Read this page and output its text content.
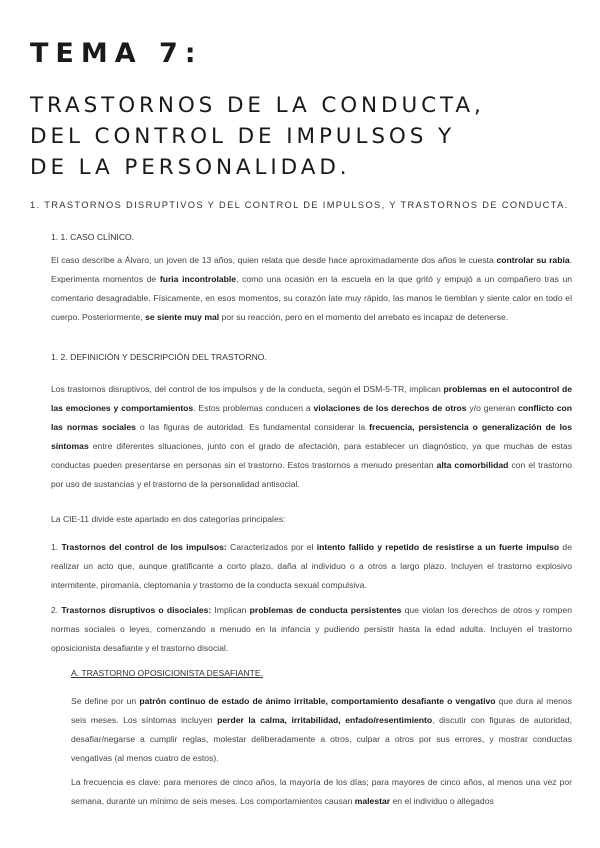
TEMA 7:
TRASTORNOS DE LA CONDUCTA,
DEL CONTROL DE IMPULSOS Y
DE LA PERSONALIDAD.
1. TRASTORNOS DISRUPTIVOS Y DEL CONTROL DE IMPULSOS, Y TRASTORNOS DE CONDUCTA.
1. 1. CASO CLÍNICO.

El caso describe a Álvaro, un joven de 13 años, quien relata que desde hace aproximadamente dos años le cuesta controlar su rabia. Experimenta momentos de furia incontrolable, como una ocasión en la escuela en la que gritó y empujó a un compañero tras un comentario desagradable. Físicamente, en esos momentos, su corazón late muy rápido, las manos le tiemblan y siente calor en todo el cuerpo. Posteriormente, se siente muy mal por su reacción, pero en el momento del arrebato es incapaz de detenerse.

1. 2. DEFINICIÓN Y DESCRIPCIÓN DEL TRASTORNO.

Los trastornos disruptivos, del control de los impulsos y de la conducta, según el DSM-5-TR, implican problemas en el autocontrol de las emociones y comportamientos. Estos problemas conducen a violaciones de los derechos de otros y/o generan conflicto con las normas sociales o las figuras de autoridad. Es fundamental considerar la frecuencia, persistencia o generalización de los síntomas entre diferentes situaciones, junto con el grado de afectación, para establecer un diagnóstico, ya que muchas de estas conductas pueden presentarse en personas sin el trastorno. Estos trastornos a menudo presentan alta comorbilidad con el trastorno por uso de sustancias y el trastorno de la personalidad antisocial.

La CIE-11 divide este apartado en dos categorías principales:

1. Trastornos del control de los impulsos: Caracterizados por el intento fallido y repetido de resistirse a un fuerte impulso de realizar un acto que, aunque gratificante a corto plazo, daña al individuo o a otros a largo plazo. Incluyen el trastorno explosivo intermitente, piromanía, cleptomanía y trastorno de la conducta sexual compulsiva.

2. Trastornos disruptivos o disociales: Implican problemas de conducta persistentes que violan los derechos de otros y rompen normas sociales o leyes, comenzando a menudo en la infancia y pudiendo persistir hasta la edad adulta. Incluyen el trastorno oposicionista desafiante y el trastorno disocial.

A. TRASTORNO OPOSICIONISTA DESAFIANTE.

Se define por un patrón continuo de estado de ánimo irritable, comportamiento desafiante o vengativo que dura al menos seis meses. Los síntomas incluyen perder la calma, irritabilidad, enfado/resentimiento, discutir con figuras de autoridad, desafiar/negarse a cumplir reglas, molestar deliberadamente a otros, culpar a otros por sus errores, y mostrar conductas vengativas (al menos cuatro de estos).

La frecuencia es clave: para menores de cinco años, la mayoría de los días; para mayores de cinco años, al menos una vez por semana, durante un mínimo de seis meses. Los comportamientos causan malestar en el individuo o allegados
